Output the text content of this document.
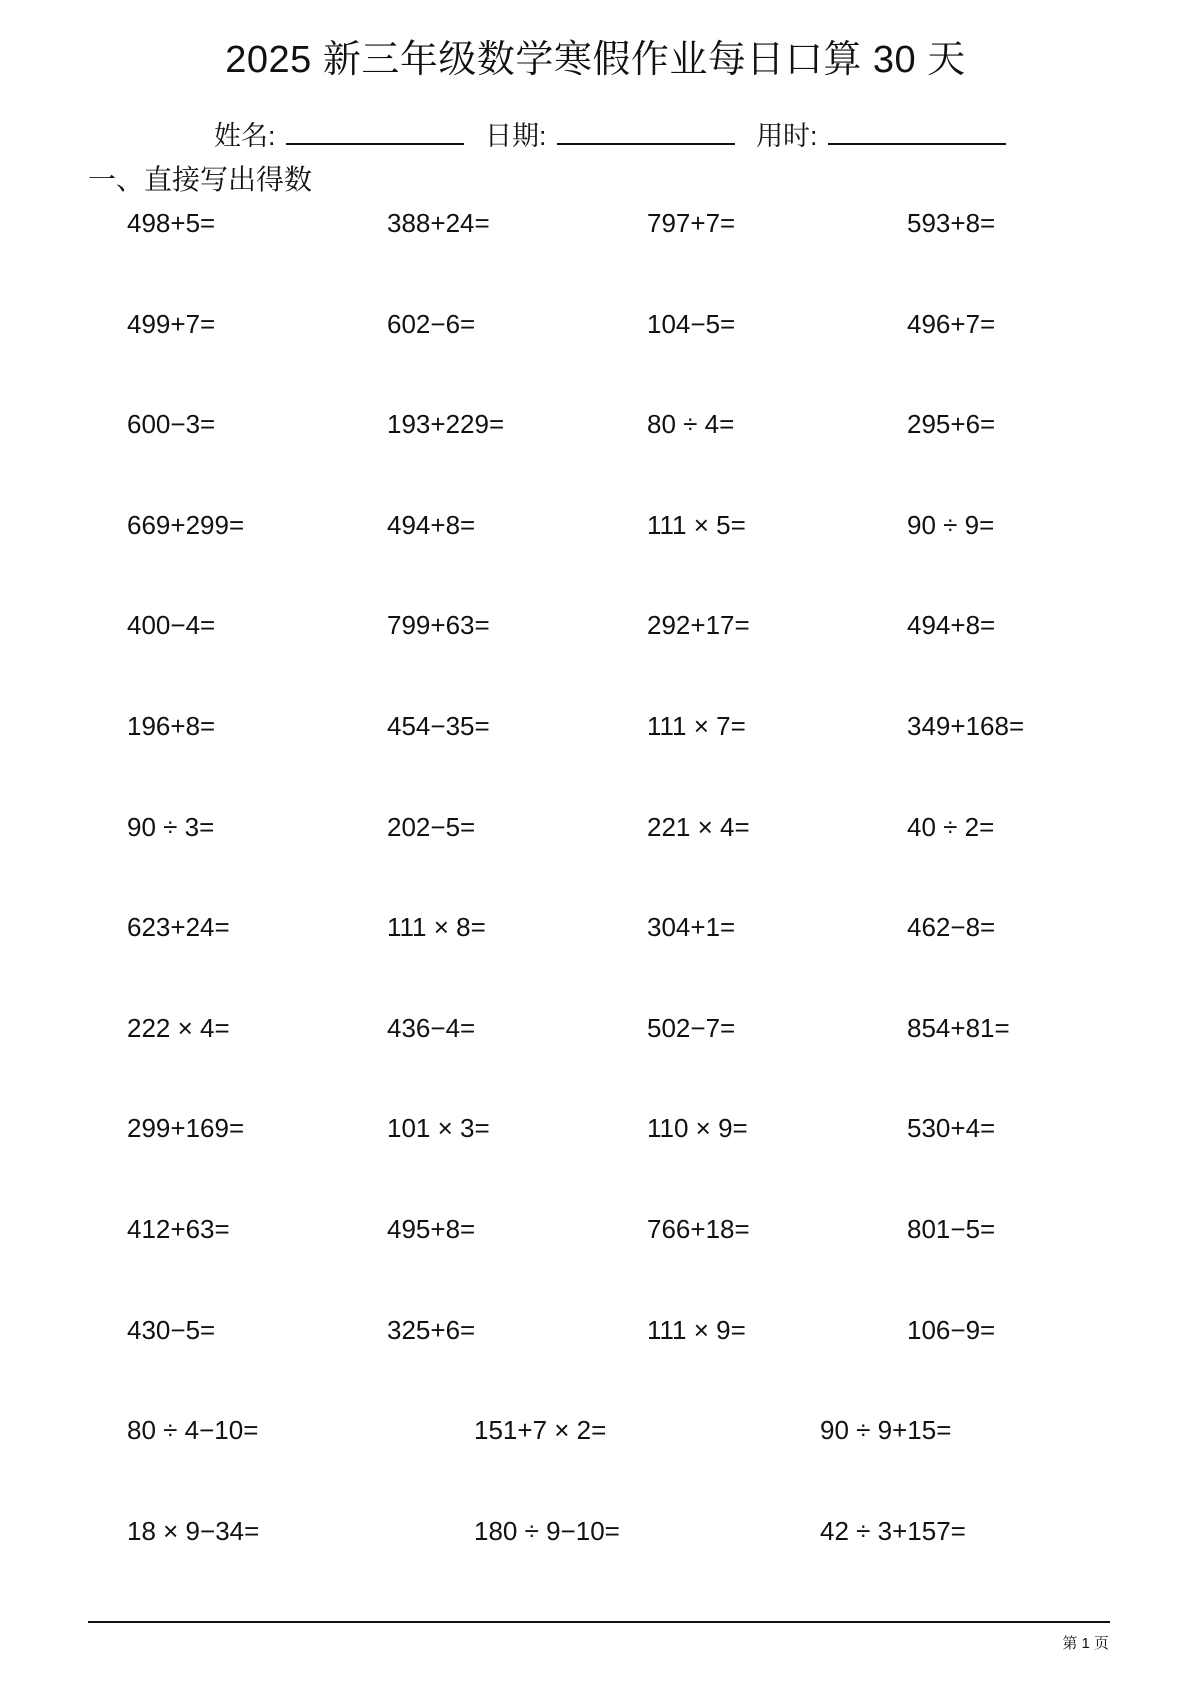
2025 新三年级数学寒假作业每日口算 30 天
姓名:	日期:	用时:
一、直接写出得数
498+5=	388+24=	797+7=	593+8=
499+7=	602−6=	104−5=	496+7=
600−3=	193+229=	80 ÷ 4=	295+6=
669+299=	494+8=	111 × 5=	90 ÷ 9=
400−4=	799+63=	292+17=	494+8=
196+8=	454−35=	111 × 7=	349+168=
90 ÷ 3=	202−5=	221 × 4=	40 ÷ 2=
623+24=	111 × 8=	304+1=	462−8=
222 × 4=	436−4=	502−7=	854+81=
299+169=	101 × 3=	110 × 9=	530+4=
412+63=	495+8=	766+18=	801−5=
430−5=	325+6=	111 × 9=	106−9=
80 ÷ 4−10=	151+7 × 2=	90 ÷ 9+15=
18 × 9−34=	180 ÷ 9−10=	42 ÷ 3+157=
第 1 页
